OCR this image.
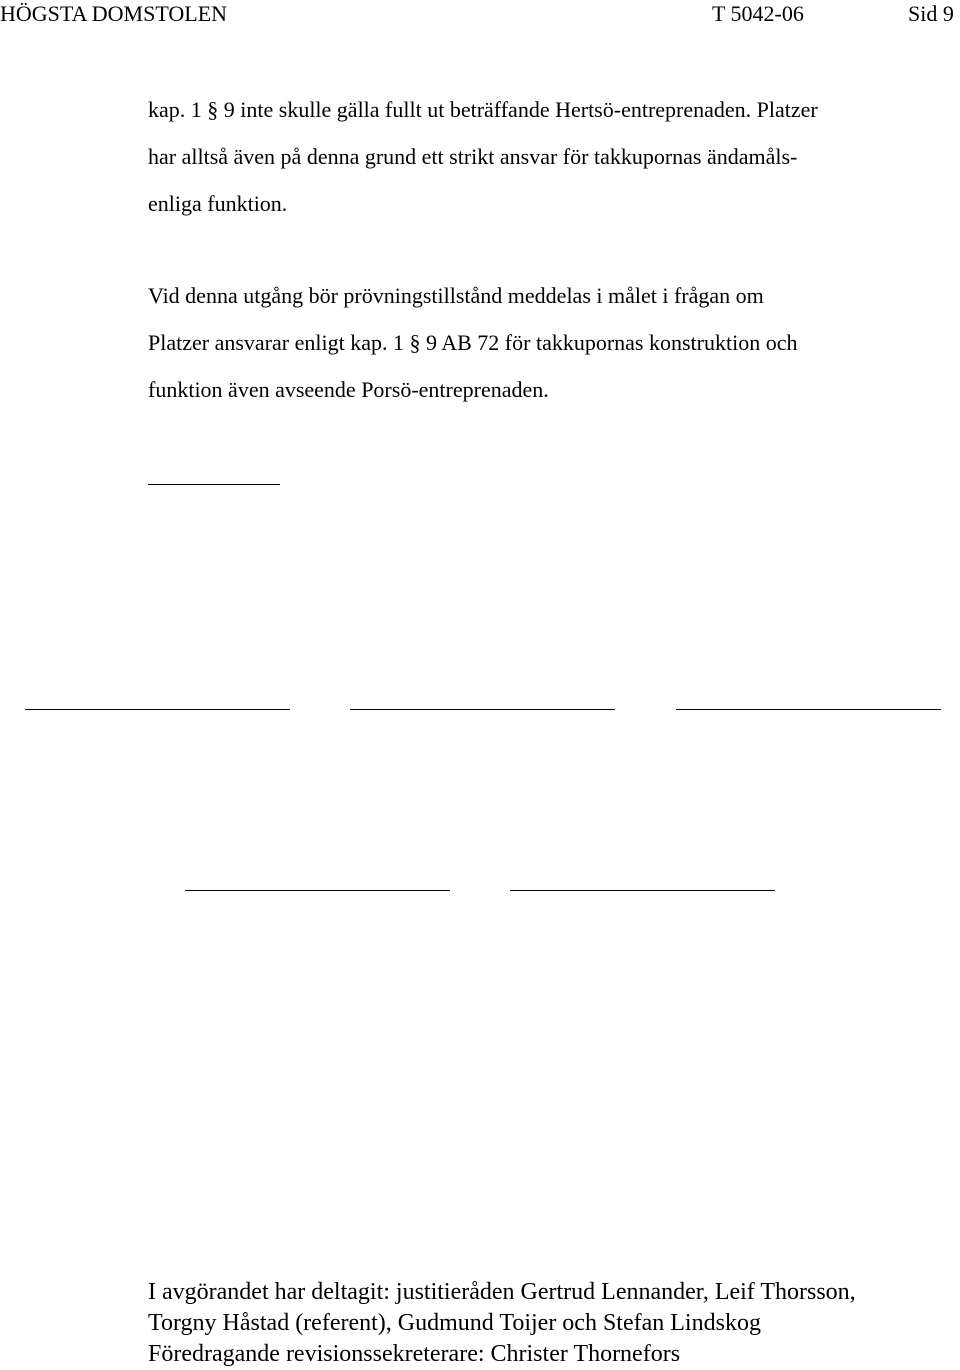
HÖGSTA DOMSTOLEN	T 5042-06	Sid 9
kap. 1 § 9 inte skulle gälla fullt ut beträffande Hertsö-entreprenaden. Platzer
har alltså även på denna grund ett strikt ansvar för takkupornas ändamåls-
enliga funktion.
Vid denna utgång bör prövningstillstånd meddelas i målet i frågan om
Platzer ansvarar enligt kap. 1 § 9 AB 72 för takkupornas konstruktion och
funktion även avseende Porsö-entreprenaden.
I avgörandet har deltagit: justitieråden Gertrud Lennander, Leif Thorsson,
Torgny Håstad (referent), Gudmund Toijer och Stefan Lindskog
Föredragande revisionssekreterare: Christer Thornefors
